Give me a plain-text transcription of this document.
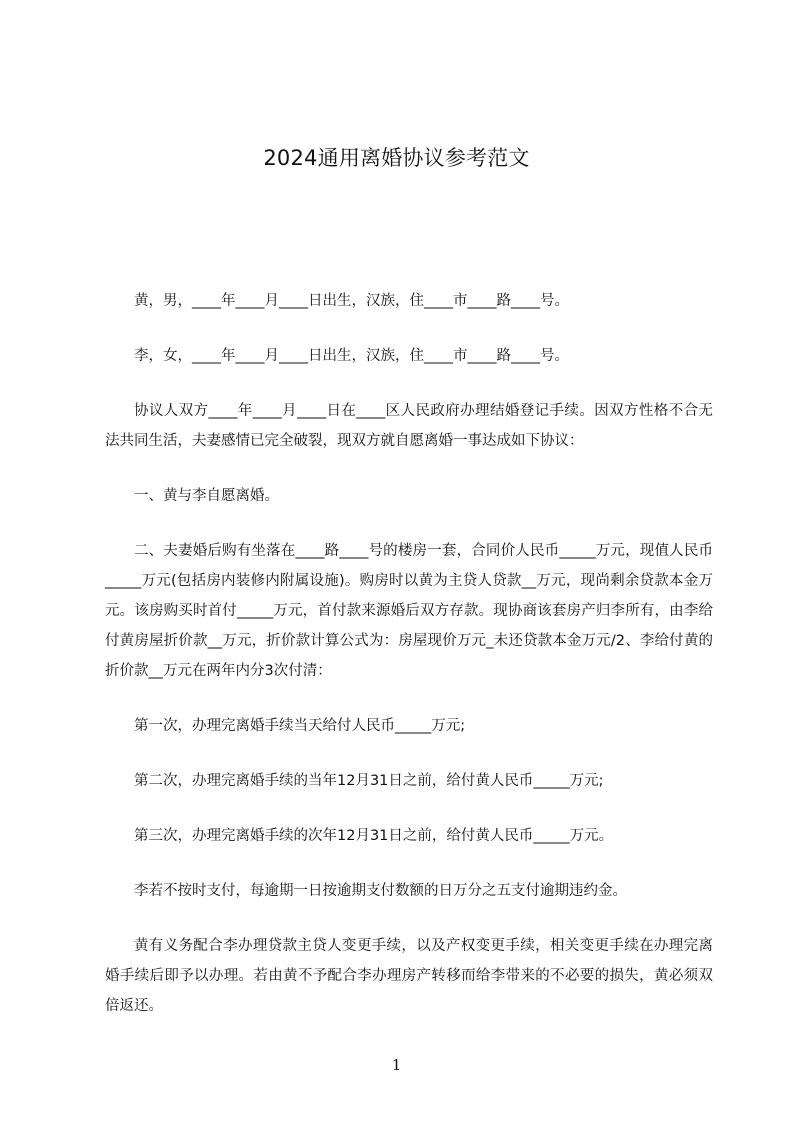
2024通用离婚协议参考范文

黄，男，____年____月____日出生，汉族，住____市____路____号。

李，女，____年____月____日出生，汉族，住____市____路____号。

协议人双方____年____月____日在____区人民政府办理结婚登记手续。因双方性格不合无法共同生活，夫妻感情已完全破裂，现双方就自愿离婚一事达成如下协议：

一、黄与李自愿离婚。

二、夫妻婚后购有坐落在____路____号的楼房一套，合同价人民币_____万元，现值人民币_____万元(包括房内装修内附属设施)。购房时以黄为主贷人贷款__万元，现尚剩余贷款本金万元。该房购买时首付_____万元，首付款来源婚后双方存款。现协商该套房产归李所有，由李给付黄房屋折价款__万元，折价款计算公式为：房屋现价万元_未还贷款本金万元/2、李给付黄的折价款__万元在两年内分3次付清：

第一次，办理完离婚手续当天给付人民币_____万元;

第二次，办理完离婚手续的当年12月31日之前，给付黄人民币_____万元;

第三次，办理完离婚手续的次年12月31日之前，给付黄人民币_____万元。

李若不按时支付，每逾期一日按逾期支付数额的日万分之五支付逾期违约金。

黄有义务配合李办理贷款主贷人变更手续，以及产权变更手续，相关变更手续在办理完离婚手续后即予以办理。若由黄不予配合李办理房产转移而给李带来的不必要的损失，黄必须双倍返还。

1
